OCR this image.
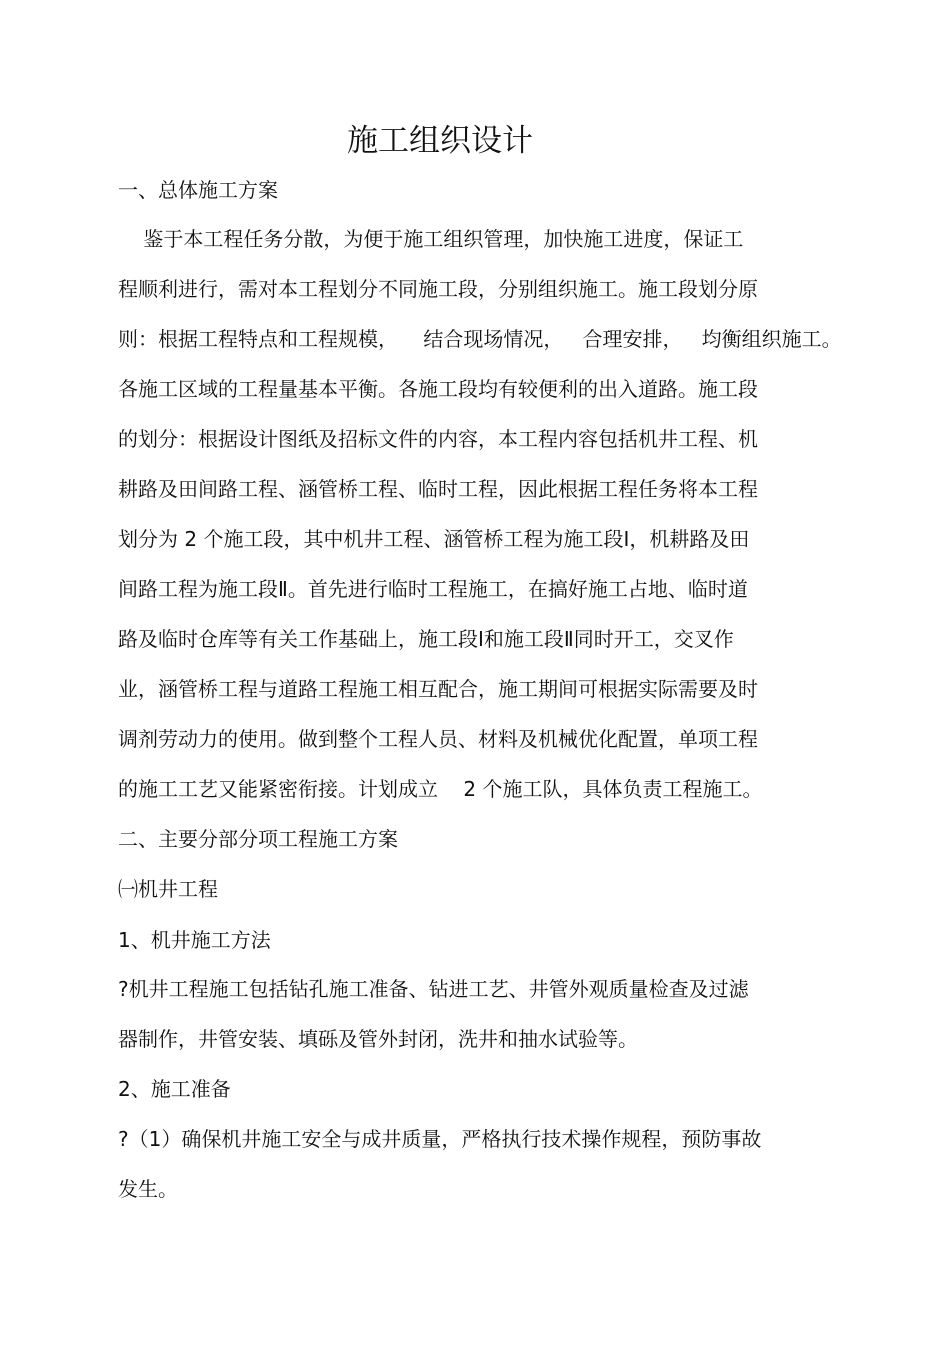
施工组织设计
一、总体施工方案
鉴于本工程任务分散，为便于施工组织管理，加快施工进度，保证工
程顺利进行，需对本工程划分不同施工段，分别组织施工。施工段划分原
则：根据工程特点和工程规模，    结合现场情况，   合理安排，   均衡组织施工。
各施工区域的工程量基本平衡。各施工段均有较便利的出入道路。施工段
的划分：根据设计图纸及招标文件的内容，本工程内容包括机井工程、机
耕路及田间路工程、涵管桥工程、临时工程，因此根据工程任务将本工程
划分为 2 个施工段，其中机井工程、涵管桥工程为施工段Ⅰ，机耕路及田
间路工程为施工段Ⅱ。首先进行临时工程施工，在搞好施工占地、临时道
路及临时仓库等有关工作基础上，施工段Ⅰ和施工段Ⅱ同时开工，交叉作
业，涵管桥工程与道路工程施工相互配合，施工期间可根据实际需要及时
调剂劳动力的使用。做到整个工程人员、材料及机械优化配置，单项工程
的施工工艺又能紧密衔接。计划成立    2 个施工队，具体负责工程施工。
二、主要分部分项工程施工方案
㈠机井工程
1、机井施工方法
?机井工程施工包括钻孔施工准备、钻进工艺、井管外观质量检查及过滤
器制作，井管安装、填砾及管外封闭，洗井和抽水试验等。
2、施工准备
?（1）确保机井施工安全与成井质量，严格执行技术操作规程，预防事故
发生。
